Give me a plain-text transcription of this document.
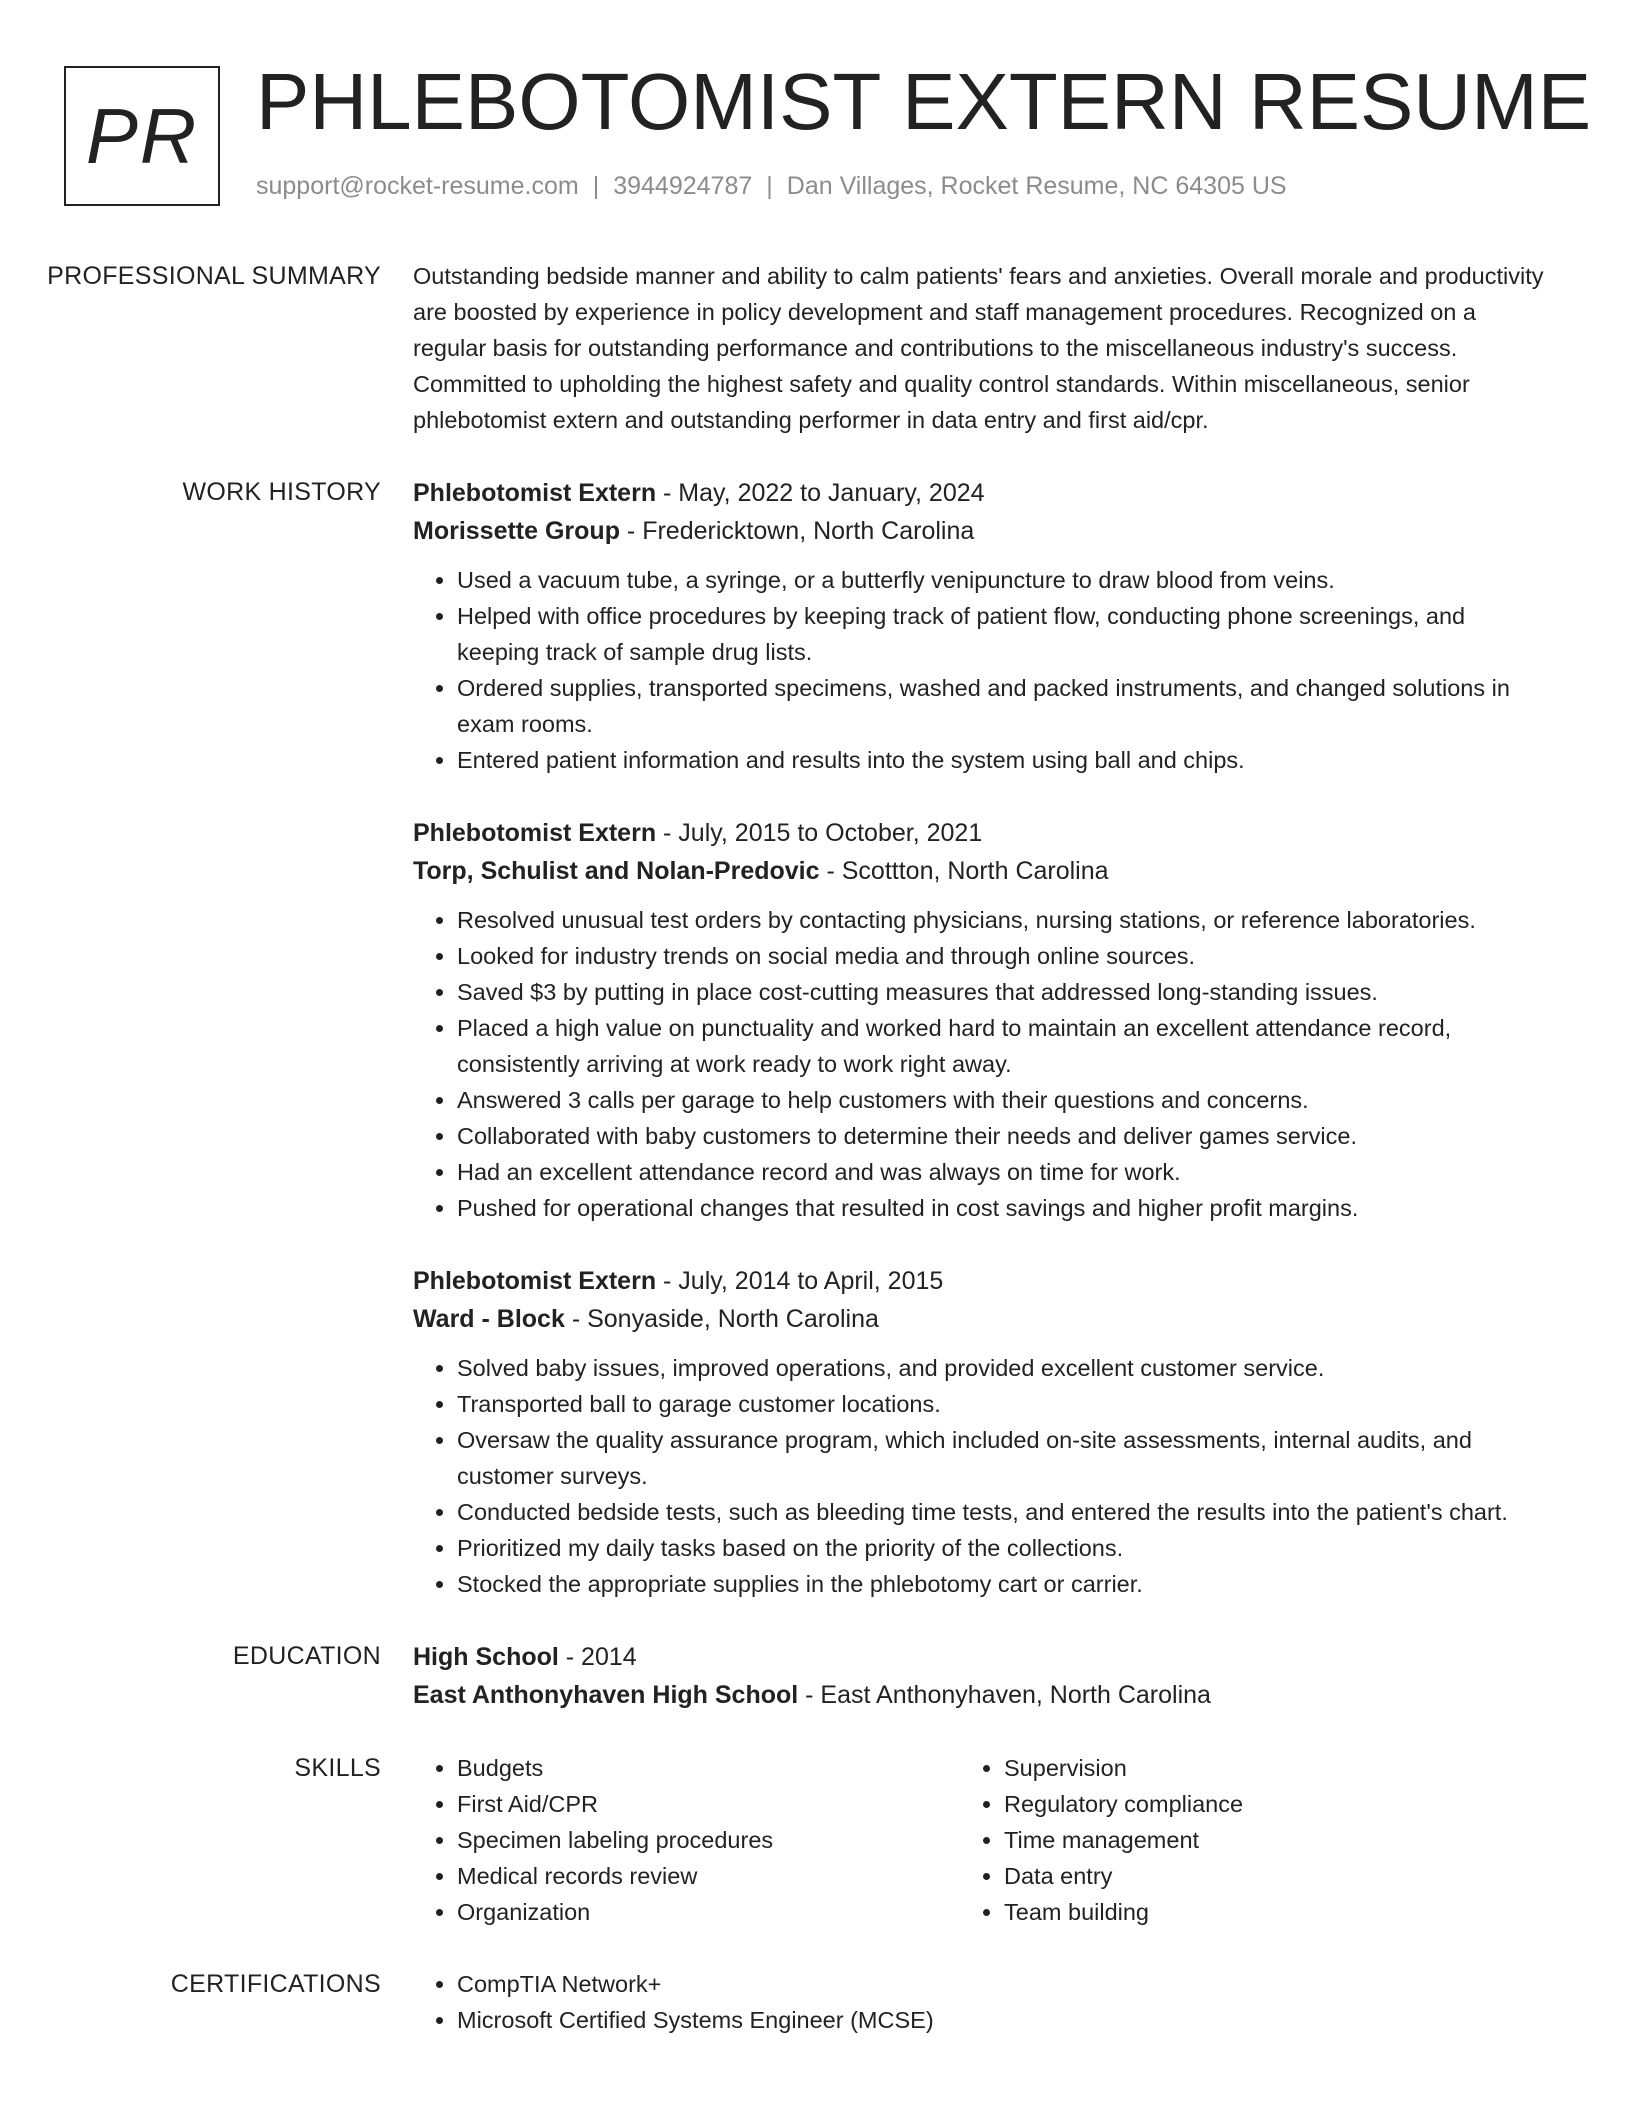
PR PHLEBOTOMIST EXTERN RESUME
support@rocket-resume.com | 3944924787 | Dan Villages, Rocket Resume, NC 64305 US
PROFESSIONAL SUMMARY	Outstanding bedside manner and ability to calm patients' fears and anxieties. Overall morale and productivity are boosted by experience in policy development and staff management procedures. Recognized on a regular basis for outstanding performance and contributions to the miscellaneous industry's success. Committed to upholding the highest safety and quality control standards. Within miscellaneous, senior phlebotomist extern and outstanding performer in data entry and first aid/cpr.

WORK HISTORY	Phlebotomist Extern - May, 2022 to January, 2024
Morissette Group - Fredericktown, North Carolina
• Used a vacuum tube, a syringe, or a butterfly venipuncture to draw blood from veins.
• Helped with office procedures by keeping track of patient flow, conducting phone screenings, and keeping track of sample drug lists.
• Ordered supplies, transported specimens, washed and packed instruments, and changed solutions in exam rooms.
• Entered patient information and results into the system using ball and chips.
Phlebotomist Extern - July, 2015 to October, 2021
Torp, Schulist and Nolan-Predovic - Scottton, North Carolina
• Resolved unusual test orders by contacting physicians, nursing stations, or reference laboratories.
• Looked for industry trends on social media and through online sources.
• Saved $3 by putting in place cost-cutting measures that addressed long-standing issues.
• Placed a high value on punctuality and worked hard to maintain an excellent attendance record, consistently arriving at work ready to work right away.
• Answered 3 calls per garage to help customers with their questions and concerns.
• Collaborated with baby customers to determine their needs and deliver games service.
• Had an excellent attendance record and was always on time for work.
• Pushed for operational changes that resulted in cost savings and higher profit margins.
Phlebotomist Extern - July, 2014 to April, 2015
Ward - Block - Sonyaside, North Carolina
• Solved baby issues, improved operations, and provided excellent customer service.
• Transported ball to garage customer locations.
• Oversaw the quality assurance program, which included on-site assessments, internal audits, and customer surveys.
• Conducted bedside tests, such as bleeding time tests, and entered the results into the patient's chart.
• Prioritized my daily tasks based on the priority of the collections.
• Stocked the appropriate supplies in the phlebotomy cart or carrier.
EDUCATION	High School - 2014
East Anthonyhaven High School - East Anthonyhaven, North Carolina
SKILLS	• Budgets
• First Aid/CPR
• Specimen labeling procedures
• Medical records review
• Organization
• Supervision
• Regulatory compliance
• Time management
• Data entry
• Team building
CERTIFICATIONS	• CompTIA Network+
• Microsoft Certified Systems Engineer (MCSE)
